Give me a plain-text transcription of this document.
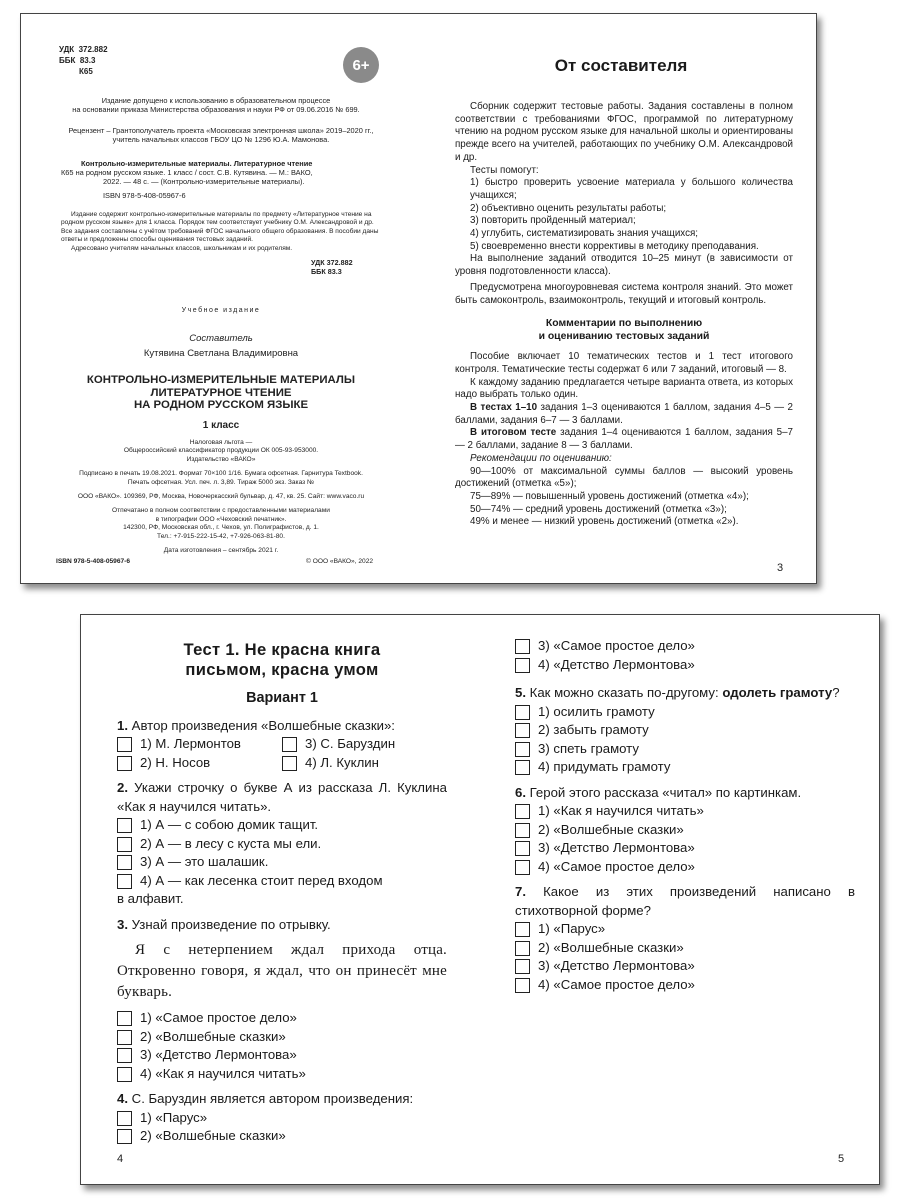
УДК 372.882
ББК 83.3
К65	6+
Издание допущено к использованию в образовательном процессе
на основании приказа Министерства образования и науки РФ от 09.06.2016 № 699.
Рецензент – Грантополучатель проекта «Московская электронная школа» 2019–2020 гг.,
учитель начальных классов ГБОУ ЦО № 1296 Ю.А. Мамонова.

Контрольно-измерительные материалы. Литературное чтение

К65 на родном русском языке. 1 класс / сост. С.В. Кутявина. — М.: ВАКО,

2022. — 48 с. — (Контрольно-измерительные материалы).

ISBN 978-5-408-05967-6

Издание содержит контрольно-измерительные материалы по предмету «Литературное чтение на родном русском языке» для 1 класса. Порядок тем соответствует учебнику О.М. Александровой и др. Все задания составлены с учётом требований ФГОС начального общего образования. В пособии даны ответы и предложены способы оценивания тестовых заданий.

Адресовано учителям начальных классов, школьникам и их родителям.

УДК 372.882
ББК 83.3
Учебное издание
Составитель
Кутявина Светлана Владимировна
КОНТРОЛЬНО-ИЗМЕРИТЕЛЬНЫЕ МАТЕРИАЛЫ
ЛИТЕРАТУРНОЕ ЧТЕНИЕ
НА РОДНОМ РУССКОМ ЯЗЫКЕ
1 класс
Налоговая льгота —
Общероссийский классификатор продукции ОК 005-93-953000.
Издательство «ВАКО»
Подписано в печать 19.08.2021. Формат 70×100 1/16. Бумага офсетная. Гарнитура Textbook.
Печать офсетная. Усл. печ. л. 3,89. Тираж 5000 экз. Заказ №
ООО «ВАКО». 109369, РФ, Москва, Новочеркасский бульвар, д. 47, кв. 25. Сайт: www.vaco.ru
Отпечатано в полном соответствии с предоставленными материалами
в типографии ООО «Чеховский печатник».
142300, РФ, Московская обл., г. Чехов, ул. Полиграфистов, д. 1.
Тел.: +7-915-222-15-42, +7-926-063-81-80.
Дата изготовления – сентябрь 2021 г.
ISBN 978-5-408-05967-6	© ООО «ВАКО», 2022
От составителя

Сборник содержит тестовые работы. Задания составлены в полном соответствии с требованиями ФГОС, программой по литературному чтению на родном русском языке для начальной школы и ориентированы прежде всего на учителей, работающих по учебнику О.М. Александровой и др.

Тесты помогут:

1) быстро проверить усвоение материала у большого количества учащихся;

2) объективно оценить результаты работы;

3) повторить пройденный материал;

4) углубить, систематизировать знания учащихся;

5) своевременно внести коррективы в методику преподавания.

На выполнение заданий отводится 10–25 минут (в зависимости от уровня подготовленности класса).

Предусмотрена многоуровневая система контроля знаний. Это может быть самоконтроль, взаимоконтроль, текущий и итоговый контроль.

Комментарии по выполнению
и оцениванию тестовых заданий

Пособие включает 10 тематических тестов и 1 тест итогового контроля. Тематические тесты содержат 6 или 7 заданий, итоговый — 8.

К каждому заданию предлагается четыре варианта ответа, из которых надо выбрать только один.

В тестах 1–10 задания 1–3 оцениваются 1 баллом, задания 4–5 — 2 баллами, задания 6–7 — 3 баллами.

В итоговом тесте задания 1–4 оцениваются 1 баллом, задания 5–7 — 2 баллами, задание 8 — 3 баллами.

Рекомендации по оцениванию:

90—100% от максимальной суммы баллов — высокий уровень достижений (отметка «5»);

75—89% — повышенный уровень достижений (отметка «4»);

50—74% — средний уровень достижений (отметка «3»);

49% и менее — низкий уровень достижений (отметка «2»).

3
Тест 1. Не красна книга
письмом, красна умом
Вариант 1
1. Автор произведения «Волшебные сказки»:
1) М. Лермонтов	3) С. Баруздин
2) Н. Носов	4) Л. Куклин
2. Укажи строчку о букве А из рассказа Л. Куклина «Как я научился читать».
1) А — с собою домик тащит.
2) А — в лесу с куста мы ели.
3) А — это шалашик.
4) А — как лесенка стоит перед входом
в алфавит.
3. Узнай произведение по отрывку.
Я с нетерпением ждал прихода отца. Откровенно говоря, я ждал, что он принесёт мне букварь.
1) «Самое простое дело»
2) «Волшебные сказки»
3) «Детство Лермонтова»
4) «Как я научился читать»
4. С. Баруздин является автором произведения:
1) «Парус»
2) «Волшебные сказки»
3) «Самое простое дело»
4) «Детство Лермонтова»
5. Как можно сказать по-другому: одолеть грамоту?
1) осилить грамоту
2) забыть грамоту
3) спеть грамоту
4) придумать грамоту
6. Герой этого рассказа «читал» по картинкам.
1) «Как я научился читать»
2) «Волшебные сказки»
3) «Детство Лермонтова»
4) «Самое простое дело»
7. Какое из этих произведений написано в стихотворной форме?
1) «Парус»
2) «Волшебные сказки»
3) «Детство Лермонтова»
4) «Самое простое дело»
4	5
